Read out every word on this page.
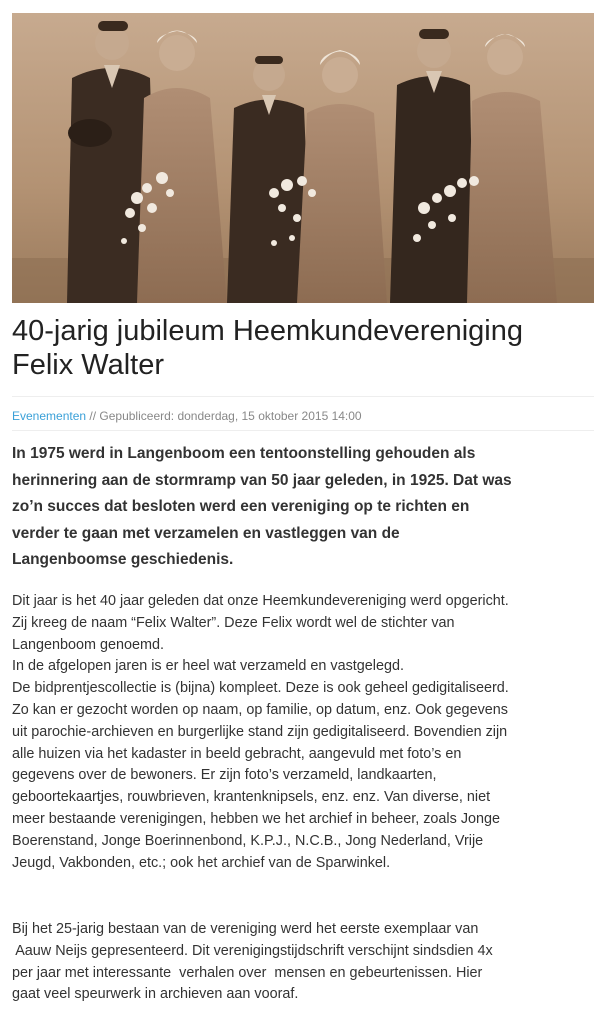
40-jarig jubileum Heemkundevereniging
Felix Walter
Evenementen // Gepubliceerd: donderdag, 15 oktober 2015 14:00

In 1975 werd in Langenboom een tentoonstelling gehouden als
herinnering aan de stormramp van 50 jaar geleden, in 1925. Dat was
zo’n succes dat besloten werd een vereniging op te richten en
verder te gaan met verzamelen en vastleggen van de
Langenboomse geschiedenis.

Dit jaar is het 40 jaar geleden dat onze Heemkundevereniging werd opgericht.
Zij kreeg de naam “Felix Walter”. Deze Felix wordt wel de stichter van
Langenboom genoemd.
In de afgelopen jaren is er heel wat verzameld en vastgelegd.
De bidprentjescollectie is (bijna) kompleet. Deze is ook geheel gedigitaliseerd.
Zo kan er gezocht worden op naam, op familie, op datum, enz. Ook gegevens
uit parochie-archieven en burgerlijke stand zijn gedigitaliseerd. Bovendien zijn
alle huizen via het kadaster in beeld gebracht, aangevuld met foto’s en
gegevens over de bewoners. Er zijn foto’s verzameld, landkaarten,
geboortekaartjes, rouwbrieven, krantenknipsels, enz. enz. Van diverse, niet
meer bestaande verenigingen, hebben we het archief in beheer, zoals Jonge
Boerenstand, Jonge Boerinnenbond, K.P.J., N.C.B., Jong Nederland, Vrije
Jeugd, Vakbonden, etc.; ook het archief van de Sparwinkel.
Bij het 25-jarig bestaan van de vereniging werd het eerste exemplaar van
Aauw Neijs gepresenteerd. Dit verenigingstijdschrift verschijnt sindsdien 4x
per jaar met interessante  verhalen over  mensen en gebeurtenissen. Hier
gaat veel speurwerk in archieven aan vooraf.
